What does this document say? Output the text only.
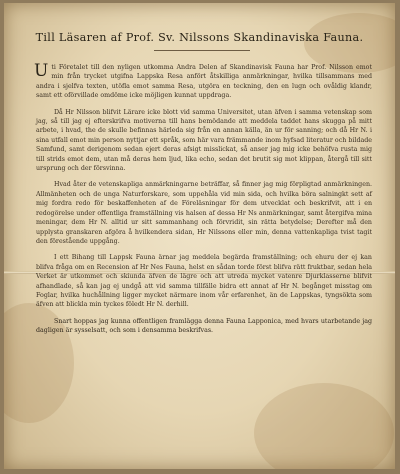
Till Läsaren af Prof. Sv. Nilssons Skandinaviska Fauna.

Uti Företalet till den nyligen utkomma Andra Delen af Skandinavisk Fauna har Prof. Nilsson emot min från trycket utgifna Lappska Resa anfört åtskilliga anmärkningar, hvilka tillsammans med andra i sjelfva texten, utöfla emot samma Resa, utgöra en teckning, den en lugn och ovåldig klandr, samt ett oförvillade omdöme icke möjligen kunnat uppdraga.

Då Hr Nilsson blifvit Lärare icke blott vid samma Universitet, utan äfven i samma vetenskap som jag, så till jag ej efterskrifva motiverna till hans bemödande att meddela taddet hans skugga på mitt arbete, i hvad, the de skulle befinnas härleda sig från en annan källa, än ur för sanning; och då Hr N. i sina utfall emot min person nyttjar ett språk, som här vara främmande inom hyfsad literatur och bildade Samfund, samt derigenom sedan ejert deras afsigt misslickat, så anser jag mig icke behöfva rusta mig till strids emot dem, utan må deras hem ljud, lika echo, sedan det brutit sig mot klippan, återgå till sitt ursprung och der försvinna.

Hvad åter de vetenskapliga anmärkningarne beträffar, så finner jag mig förpligtad anmärkningen. Allmänheten och de unga Naturforskare, som uppehåla vid min sida, och hvilka böra salningkt sett af mig fordra redo för beskaffenheten af de Föreläsningar för dem utvecklat och beskrifvit, att i en redogörelse under offentliga framställning vis halsen af dessa Hr Ns anmärkningar, samt återgifva mina meningar, dem Hr N. alltid ur sitt sammanhang och förvridit, sin rätta betydelse; Derefter må den upplysta granskaren afgöra å hvilkendera sidan, Hr Nilssons eller min, denna vattenkapliga tvist tagit den förestående uppgång.

I ett Bihang till Lappsk Fauna ärnar jag meddela begärda framställning; och ehuru der ej kan blifva fråga om en Recension af Hr Nes Fauna, helst en sådan torde först blifva rätt fruktbar, sedan hela Verket är utkommet och skiunda äfven de lägre och att utreda mycket vatenre Djurklasserne blifvit afhandlade, så kan jag ej undgå att vid samma tillfälle bidra ett annat af Hr N. begånget misstag om Foglar, hvilka huchållning ligger mycket närmare inom vår erfarenhet, än de Lappskas, tyngsökta som äfven att blickla min tyckes föledt Hr N. derhill.

Snart hoppas jag kunna offentligen framlägga denna Fauna Lapponica, med hvars utarbetande jag dagligen är sysselsatt, och som i densamma beskrifvas.
